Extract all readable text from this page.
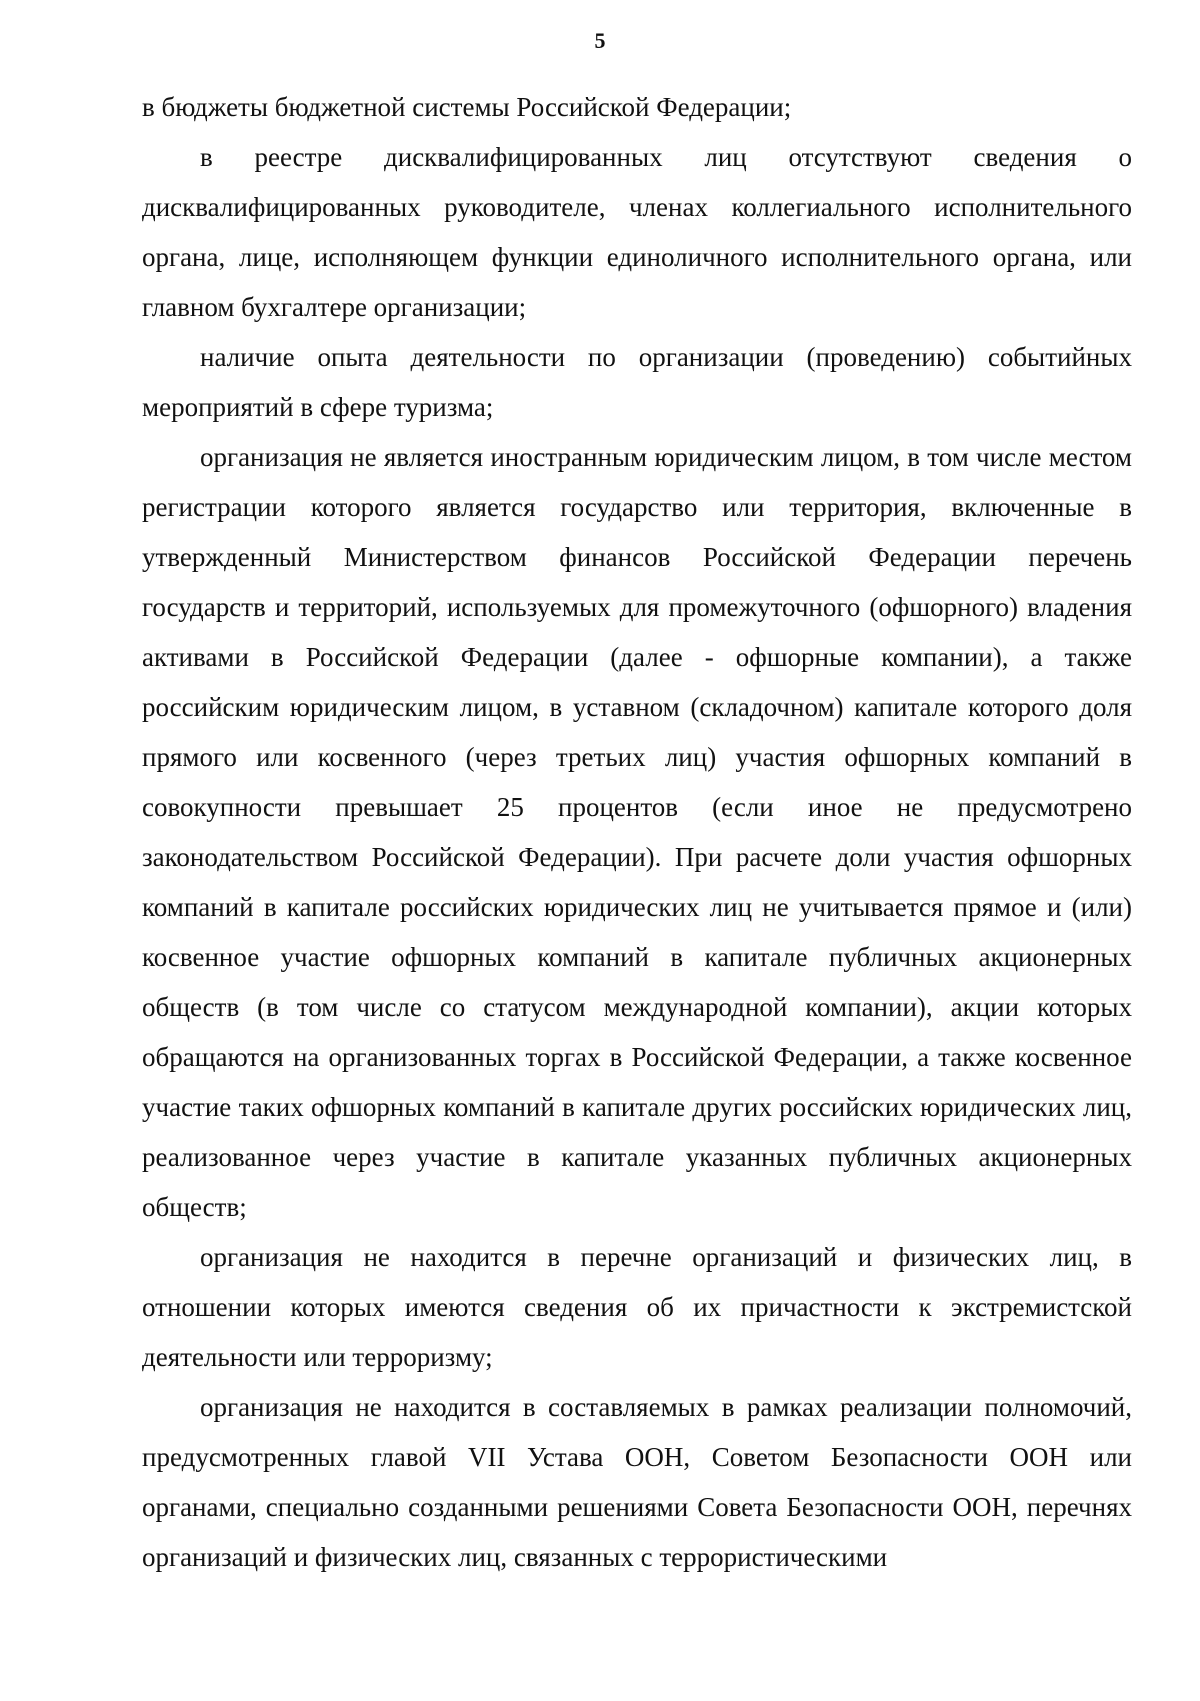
5

в бюджеты бюджетной системы Российской Федерации;

в реестре дисквалифицированных лиц отсутствуют сведения о дисквалифицированных руководителе, членах коллегиального исполнительного органа, лице, исполняющем функции единоличного исполнительного органа, или главном бухгалтере организации;

наличие опыта деятельности по организации (проведению) событийных мероприятий в сфере туризма;

организация не является иностранным юридическим лицом, в том числе местом регистрации которого является государство или территория, включенные в утвержденный Министерством финансов Российской Федерации перечень государств и территорий, используемых для промежуточного (офшорного) владения активами в Российской Федерации (далее - офшорные компании), а также российским юридическим лицом, в уставном (складочном) капитале которого доля прямого или косвенного (через третьих лиц) участия офшорных компаний в совокупности превышает 25 процентов (если иное не предусмотрено законодательством Российской Федерации). При расчете доли участия офшорных компаний в капитале российских юридических лиц не учитывается прямое и (или) косвенное участие офшорных компаний в капитале публичных акционерных обществ (в том числе со статусом международной компании), акции которых обращаются на организованных торгах в Российской Федерации, а также косвенное участие таких офшорных компаний в капитале других российских юридических лиц, реализованное через участие в капитале указанных публичных акционерных обществ;

организация не находится в перечне организаций и физических лиц, в отношении которых имеются сведения об их причастности к экстремистской деятельности или терроризму;

организация не находится в составляемых в рамках реализации полномочий, предусмотренных главой VII Устава ООН, Советом Безопасности ООН или органами, специально созданными решениями Совета Безопасности ООН, перечнях организаций и физических лиц, связанных с террористическими
